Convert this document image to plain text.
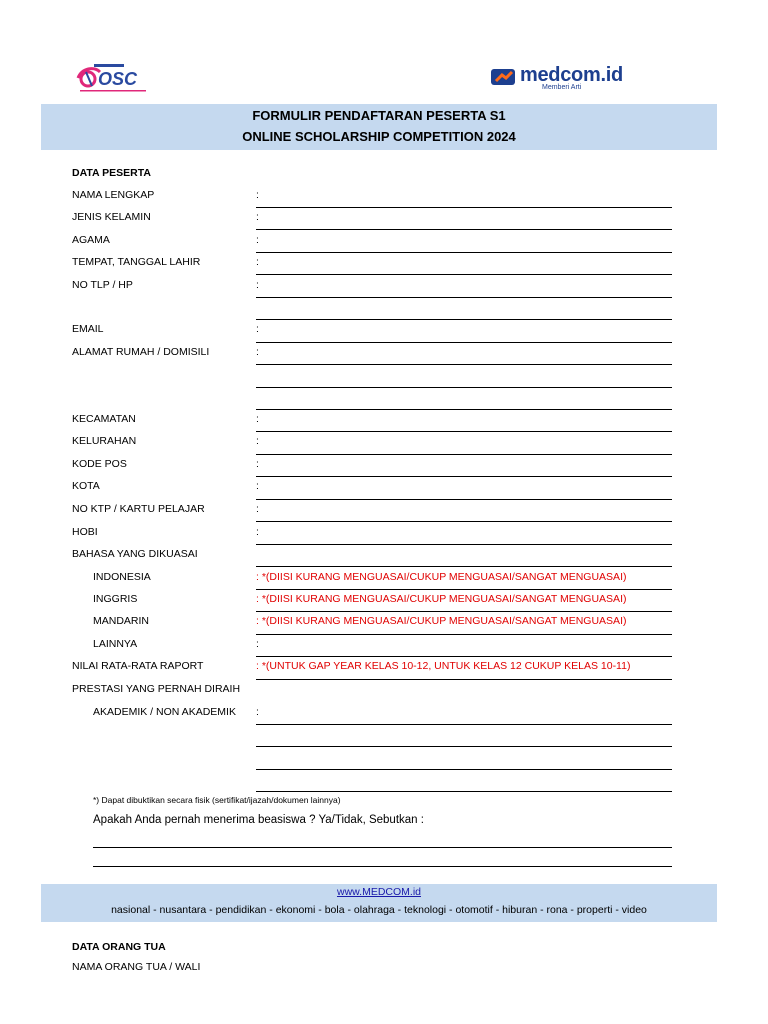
OSC	medcom.id
Memberi Arti
FORMULIR PENDAFTARAN PESERTA S1
ONLINE SCHOLARSHIP COMPETITION 2024
DATA PESERTA
NAMA LENGKAP	:
JENIS KELAMIN	:
AGAMA	:
TEMPAT, TANGGAL LAHIR	:
NO TLP / HP	:
EMAIL	:
ALAMAT RUMAH / DOMISILI	:
KECAMATAN	:
KELURAHAN	:
KODE POS	:
KOTA	:
NO KTP / KARTU PELAJAR	:
HOBI	:
BAHASA YANG DIKUASAI
INDONESIA	: *(DIISI KURANG MENGUASAI/CUKUP MENGUASAI/SANGAT MENGUASAI)
INGGRIS	: *(DIISI KURANG MENGUASAI/CUKUP MENGUASAI/SANGAT MENGUASAI)
MANDARIN	: *(DIISI KURANG MENGUASAI/CUKUP MENGUASAI/SANGAT MENGUASAI)
LAINNYA	:
NILAI RATA-RATA RAPORT	: *(UNTUK GAP YEAR KELAS 10-12, UNTUK KELAS 12 CUKUP KELAS 10-11)
PRESTASI YANG PERNAH DIRAIH
AKADEMIK / NON AKADEMIK :
*) Dapat dibuktikan secara fisik (sertifikat/ijazah/dokumen lainnya)
Apakah Anda pernah menerima beasiswa ? Ya/Tidak, Sebutkan :
www.MEDCOM.id
nasional - nusantara - pendidikan - ekonomi - bola - olahraga - teknologi - otomotif - hiburan - rona - properti - video
DATA ORANG TUA
NAMA ORANG TUA / WALI
